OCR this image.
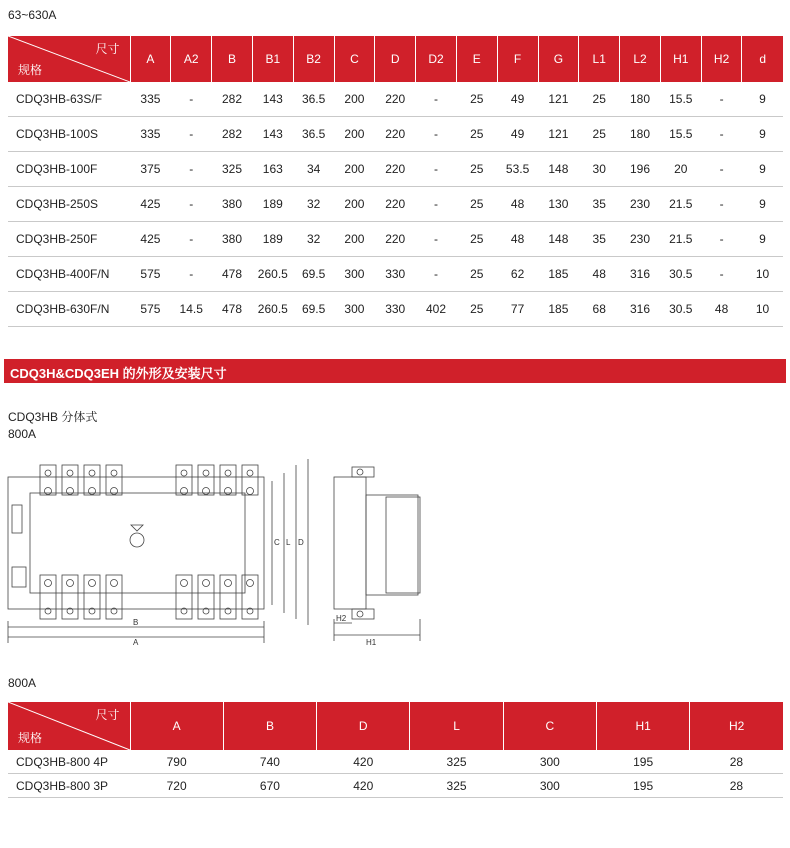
63~630A
尺寸
规格	A	A2	B	B1	B2	C	D	D2	E	F	G	L1	L2	H1	H2	d
CDQ3HB-63S/F	335	-	282	143	36.5	200	220	-	25	49	121	25	180	15.5	-	9
CDQ3HB-100S	335	-	282	143	36.5	200	220	-	25	49	121	25	180	15.5	-	9
CDQ3HB-100F	375	-	325	163	34	200	220	-	25	53.5	148	30	196	20	-	9
CDQ3HB-250S	425	-	380	189	32	200	220	-	25	48	130	35	230	21.5	-	9
CDQ3HB-250F	425	-	380	189	32	200	220	-	25	48	148	35	230	21.5	-	9
CDQ3HB-400F/N	575	-	478	260.5	69.5	300	330	-	25	62	185	48	316	30.5	-	10
CDQ3HB-630F/N	575	14.5	478	260.5	69.5	300	330	402	25	77	185	68	316	30.5	48	10
CDQ3H&CDQ3EH 的外形及安装尺寸
CDQ3HB 分体式
800A
C L D
B
A
H2
H1
800A
尺寸
规格	A	B	D	L	C	H1	H2
CDQ3HB-800 4P	790	740	420	325	300	195	28
CDQ3HB-800 3P	720	670	420	325	300	195	28
